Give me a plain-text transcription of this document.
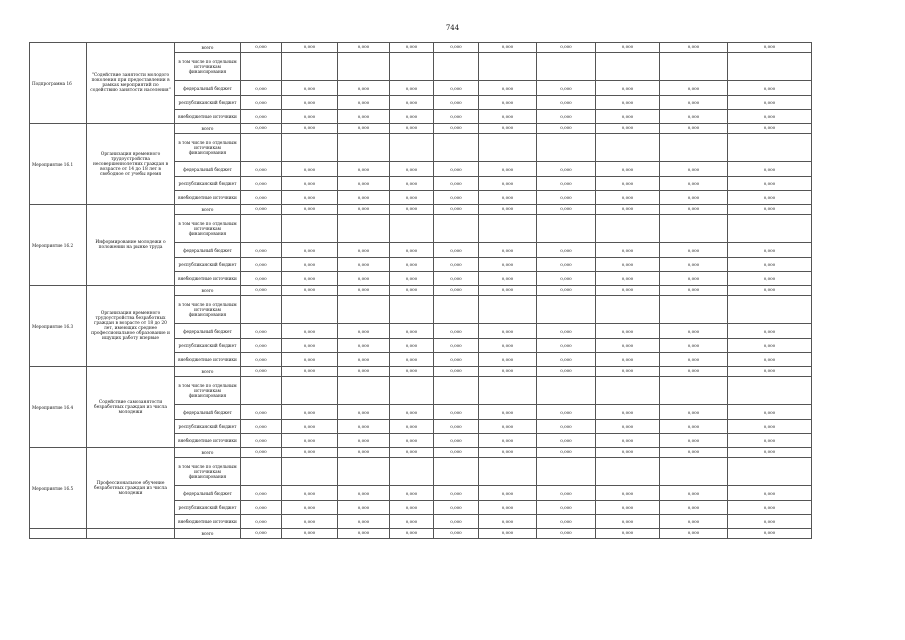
744
Подпрограмма 16	"Содействие занятости молодого поколения при предоставлении в рамках мероприятий по содействию занятости населения"	всего	0,000	0,000	0,000	0,000	0,000	0,000	0,000	0,000	0,000	0,000
		в том числе по отдельным источникам финансирования										
		федеральный бюджет	0,000	0,000	0,000	0,000	0,000	0,000	0,000	0,000	0,000	0,000
		республиканский бюджет	0,000	0,000	0,000	0,000	0,000	0,000	0,000	0,000	0,000	0,000
		внебюджетные источники	0,000	0,000	0,000	0,000	0,000	0,000	0,000	0,000	0,000	0,000
Мероприятие 16.1	Организация временного трудоустройства несовершеннолетних граждан в возрасте от 14 до 18 лет в свободное от учебы время	всего	0,000	0,000	0,000	0,000	0,000	0,000	0,000	0,000	0,000	0,000
		в том числе по отдельным источникам финансирования										
		федеральный бюджет	0,000	0,000	0,000	0,000	0,000	0,000	0,000	0,000	0,000	0,000
		республиканский бюджет	0,000	0,000	0,000	0,000	0,000	0,000	0,000	0,000	0,000	0,000
		внебюджетные источники	0,000	0,000	0,000	0,000	0,000	0,000	0,000	0,000	0,000	0,000
Мероприятие 16.2	Информирование молодежи о положении на рынке труда	всего	0,000	0,000	0,000	0,000	0,000	0,000	0,000	0,000	0,000	0,000
		в том числе по отдельным источникам финансирования										
		федеральный бюджет	0,000	0,000	0,000	0,000	0,000	0,000	0,000	0,000	0,000	0,000
		республиканский бюджет	0,000	0,000	0,000	0,000	0,000	0,000	0,000	0,000	0,000	0,000
		внебюджетные источники	0,000	0,000	0,000	0,000	0,000	0,000	0,000	0,000	0,000	0,000
Мероприятие 16.3	Организация временного трудоустройства безработных граждан в возрасте от 18 до 20 лет, имеющих среднее профессиональное образование и ищущих работу впервые	всего	0,000	0,000	0,000	0,000	0,000	0,000	0,000	0,000	0,000	0,000
		в том числе по отдельным источникам финансирования										
		федеральный бюджет	0,000	0,000	0,000	0,000	0,000	0,000	0,000	0,000	0,000	0,000
		республиканский бюджет	0,000	0,000	0,000	0,000	0,000	0,000	0,000	0,000	0,000	0,000
		внебюджетные источники	0,000	0,000	0,000	0,000	0,000	0,000	0,000	0,000	0,000	0,000
Мероприятие 16.4	Содействие самозанятости безработных граждан из числа молодежи	всего	0,000	0,000	0,000	0,000	0,000	0,000	0,000	0,000	0,000	0,000
		в том числе по отдельным источникам финансирования										
		федеральный бюджет	0,000	0,000	0,000	0,000	0,000	0,000	0,000	0,000	0,000	0,000
		республиканский бюджет	0,000	0,000	0,000	0,000	0,000	0,000	0,000	0,000	0,000	0,000
		внебюджетные источники	0,000	0,000	0,000	0,000	0,000	0,000	0,000	0,000	0,000	0,000
Мероприятие 16.5	Профессиональное обучение безработных граждан из числа молодежи	всего	0,000	0,000	0,000	0,000	0,000	0,000	0,000	0,000	0,000	0,000
		в том числе по отдельным источникам финансирования										
		федеральный бюджет	0,000	0,000	0,000	0,000	0,000	0,000	0,000	0,000	0,000	0,000
		республиканский бюджет	0,000	0,000	0,000	0,000	0,000	0,000	0,000	0,000	0,000	0,000
		внебюджетные источники	0,000	0,000	0,000	0,000	0,000	0,000	0,000	0,000	0,000	0,000
		всего	0,000	0,000	0,000	0,000	0,000	0,000	0,000	0,000	0,000	0,000
